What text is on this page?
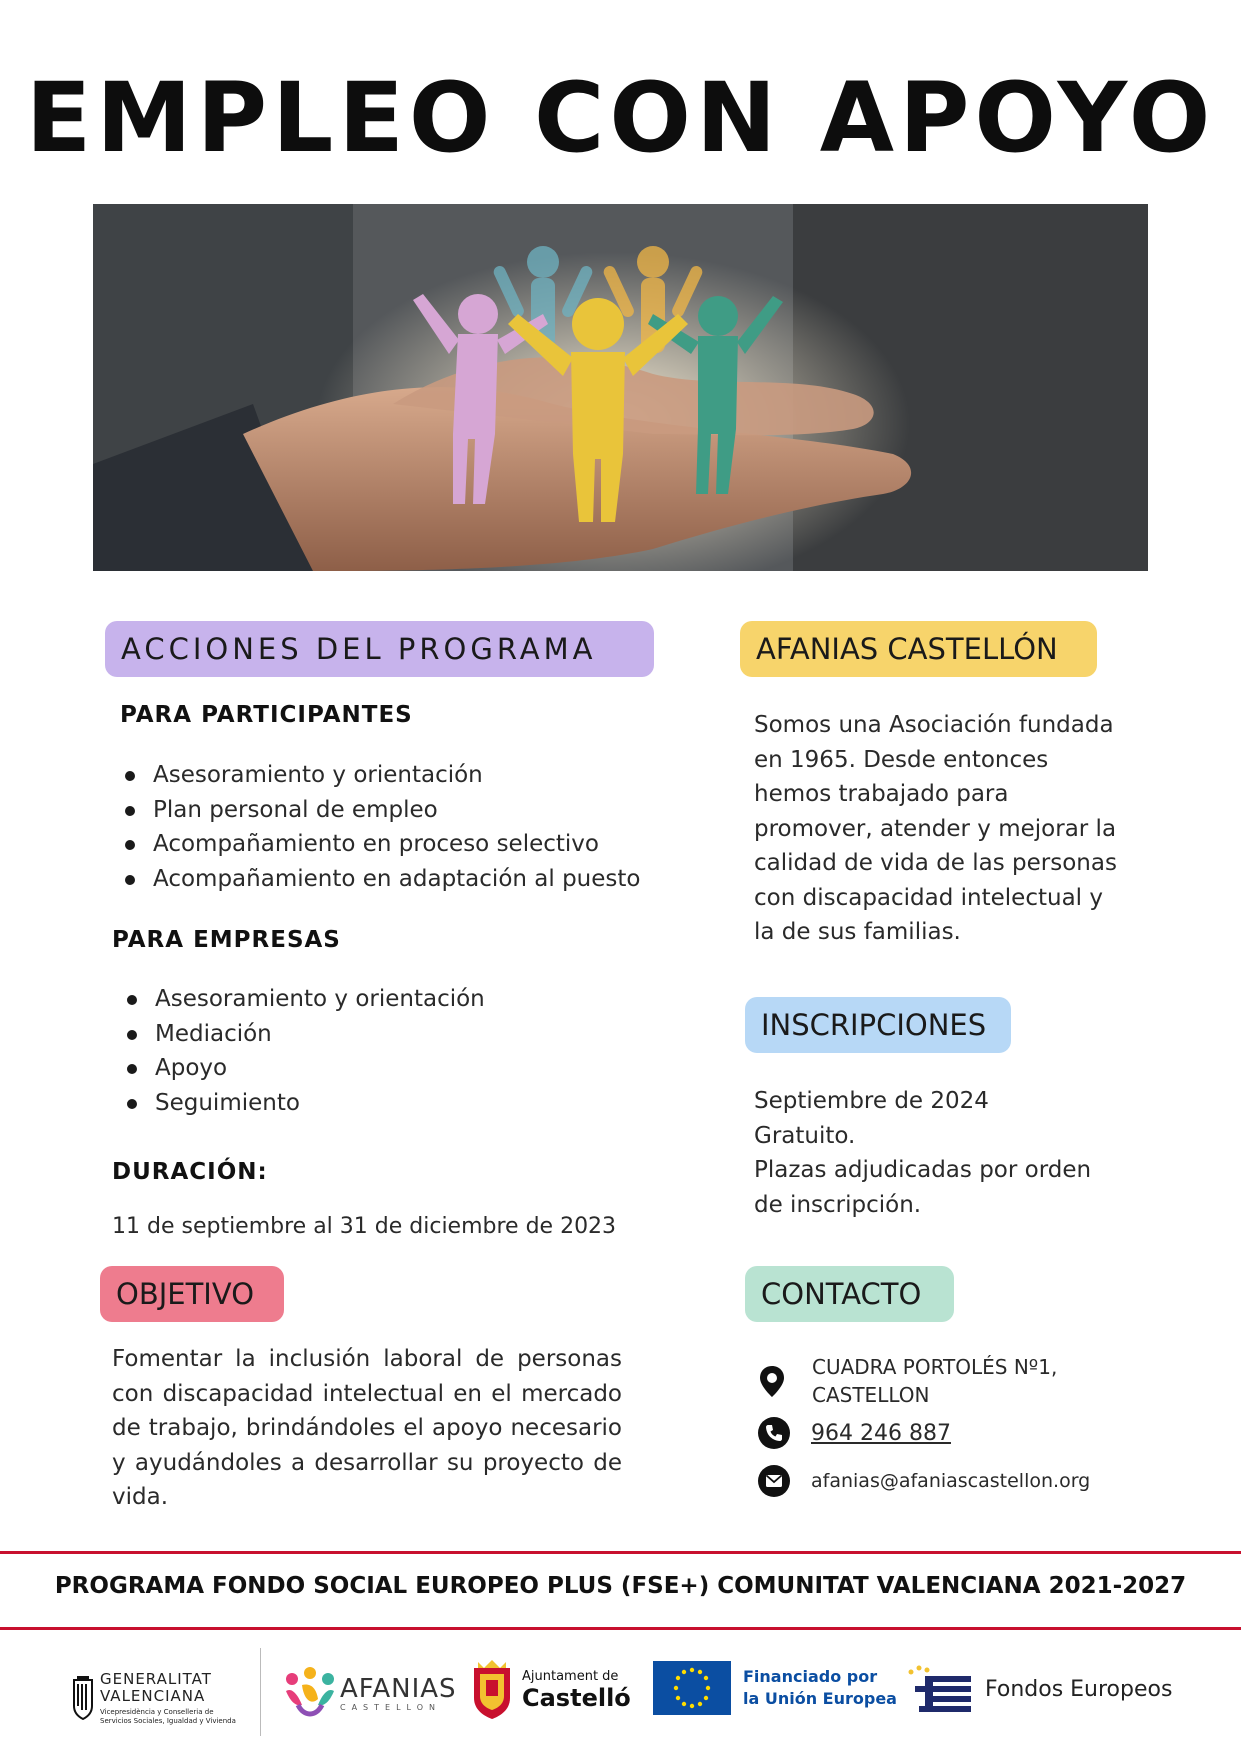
EMPLEO CON APOYO
ACCIONES DEL PROGRAMA
PARA PARTICIPANTES
Asesoramiento y orientación
Plan personal de empleo
Acompañamiento en proceso selectivo
Acompañamiento en adaptación al puesto
PARA EMPRESAS
Asesoramiento y orientación
Mediación
Apoyo
Seguimiento
DURACIÓN:
11 de septiembre al 31 de diciembre de 2023
OBJETIVO
Fomentar la inclusión laboral de personas con discapacidad intelectual en el mercado de trabajo, brindándoles el apoyo necesario y ayudándoles a desarrollar su proyecto de vida.
AFANIAS CASTELLÓN
Somos una Asociación fundada en 1965. Desde entonces hemos trabajado para promover, atender y mejorar la calidad de vida de las personas con discapacidad intelectual y la de sus familias.
INSCRIPCIONES
Septiembre de 2024
Gratuito.
Plazas adjudicadas por orden de inscripción.
CONTACTO
CUADRA PORTOLÉS Nº1,
CASTELLON
964 246 887
afanias@afaniascastellon.org
PROGRAMA FONDO SOCIAL EUROPEO PLUS (FSE+) COMUNITAT VALENCIANA 2021-2027
GENERALITAT
VALENCIANA
Vicepresidència y Conselleria de
Servicios Sociales, Igualdad y Vivienda
AFANIAS
CASTELLON
Ajuntament de
Castelló
Financiado por
la Unión Europea	Fondos Europeos
